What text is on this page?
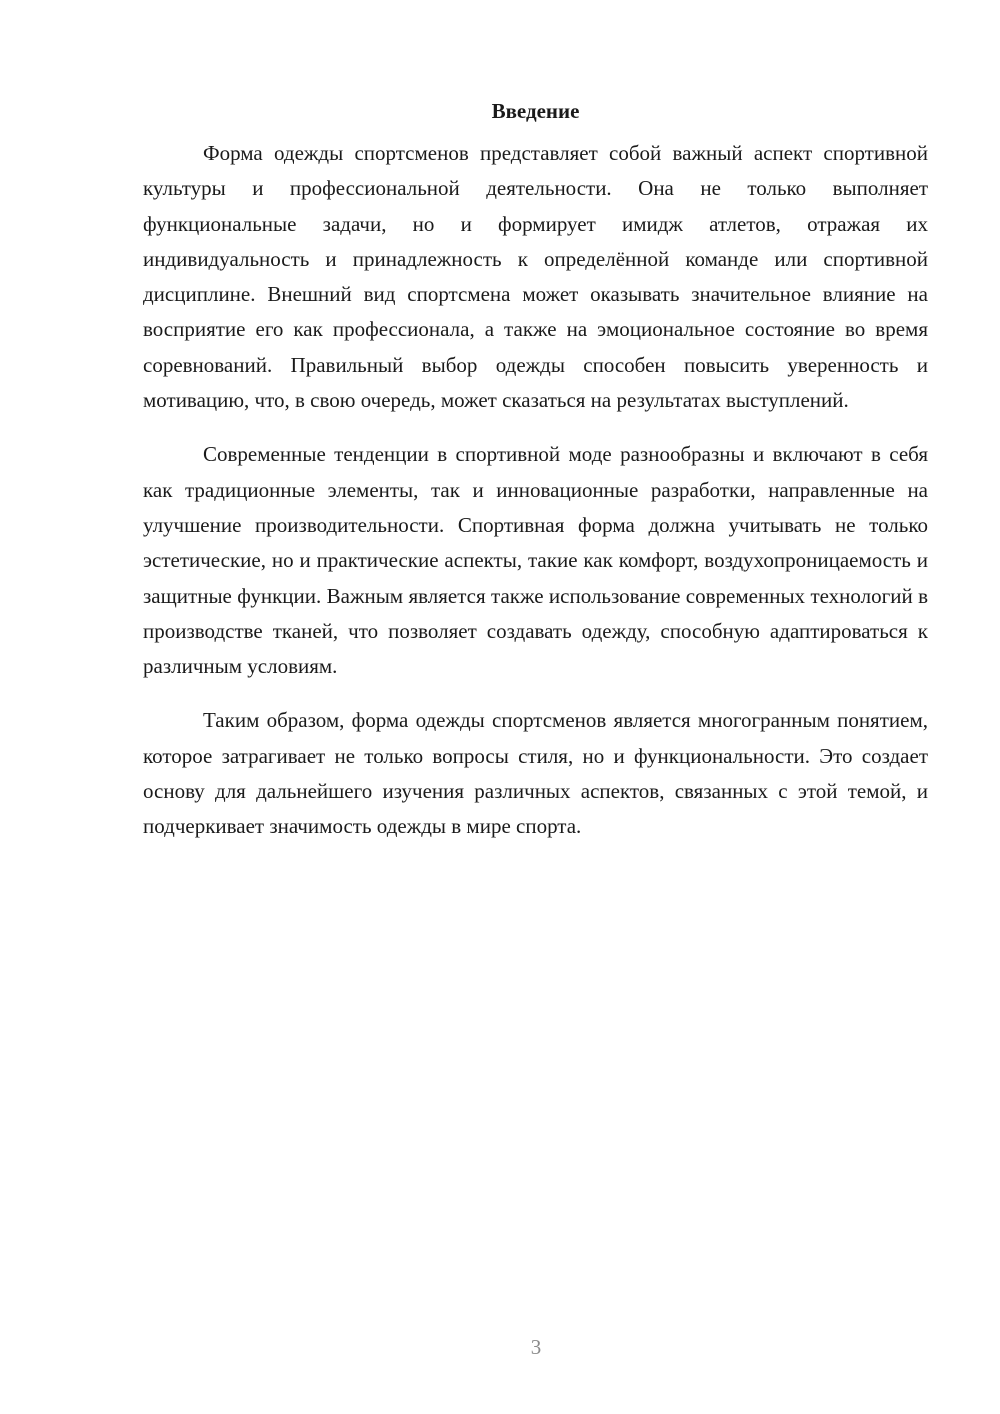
Введение

Форма одежды спортсменов представляет собой важный аспект спортивной культуры и профессиональной деятельности. Она не только выполняет функциональные задачи, но и формирует имидж атлетов, отражая их индивидуальность и принадлежность к определённой команде или спортивной дисциплине. Внешний вид спортсмена может оказывать значительное влияние на восприятие его как профессионала, а также на эмоциональное состояние во время соревнований. Правильный выбор одежды способен повысить уверенность и мотивацию, что, в свою очередь, может сказаться на результатах выступлений.

Современные тенденции в спортивной моде разнообразны и включают в себя как традиционные элементы, так и инновационные разработки, направленные на улучшение производительности. Спортивная форма должна учитывать не только эстетические, но и практические аспекты, такие как комфорт, воздухопроницаемость и защитные функции. Важным является также использование современных технологий в производстве тканей, что позволяет создавать одежду, способную адаптироваться к различным условиям.

Таким образом, форма одежды спортсменов является многогранным понятием, которое затрагивает не только вопросы стиля, но и функциональности. Это создает основу для дальнейшего изучения различных аспектов, связанных с этой темой, и подчеркивает значимость одежды в мире спорта.

3
